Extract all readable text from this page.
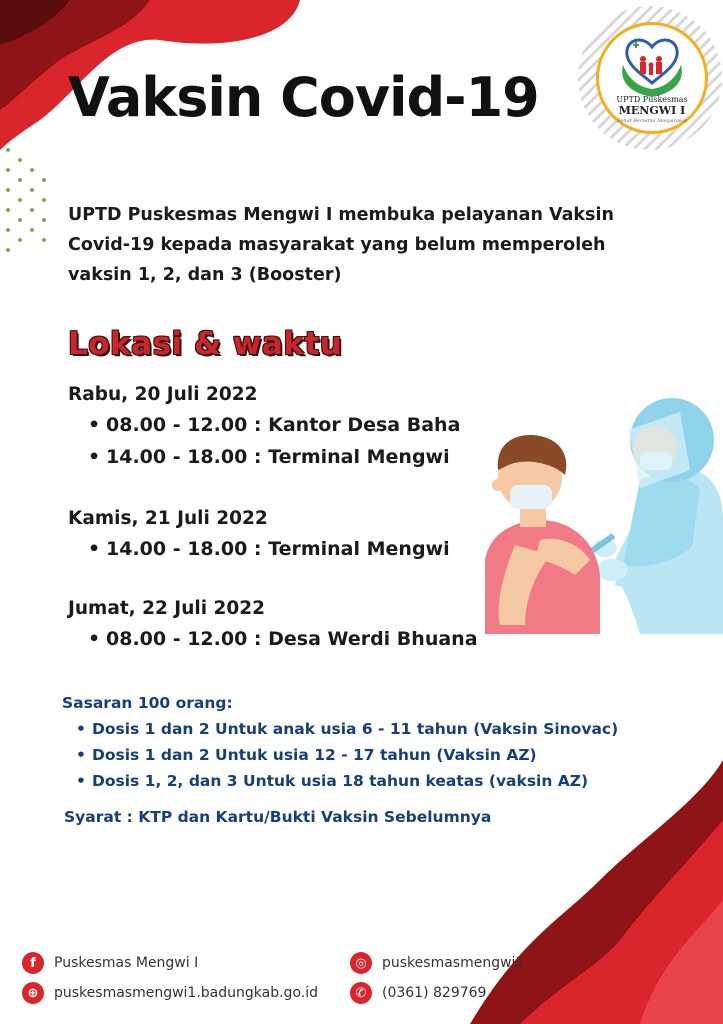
UPTD Puskesmas
MENGWI I
Sehat Bersama Masyarakat
Vaksin Covid-19
UPTD Puskesmas Mengwi I membuka pelayanan Vaksin Covid-19 kepada masyarakat yang belum memperoleh vaksin 1, 2, dan 3 (Booster)
Lokasi & waktu
Rabu, 20 Juli 2022
• 08.00 - 12.00 : Kantor Desa Baha
• 14.00 - 18.00 : Terminal Mengwi
Kamis, 21 Juli 2022
• 14.00 - 18.00 : Terminal Mengwi
Jumat, 22 Juli 2022
• 08.00 - 12.00 : Desa Werdi Bhuana
Sasaran 100 orang:
• Dosis 1 dan 2 Untuk anak usia 6 - 11 tahun (Vaksin Sinovac)
• Dosis 1 dan 2 Untuk usia 12 - 17 tahun (Vaksin AZ)
• Dosis 1, 2, dan 3 Untuk usia 18 tahun keatas (vaksin AZ)
Syarat : KTP dan Kartu/Bukti Vaksin Sebelumnya
f	Puskesmas Mengwi I	◎	puskesmasmengwi1
⊕	puskesmasmengwi1.badungkab.go.id	✆	(0361) 829769
